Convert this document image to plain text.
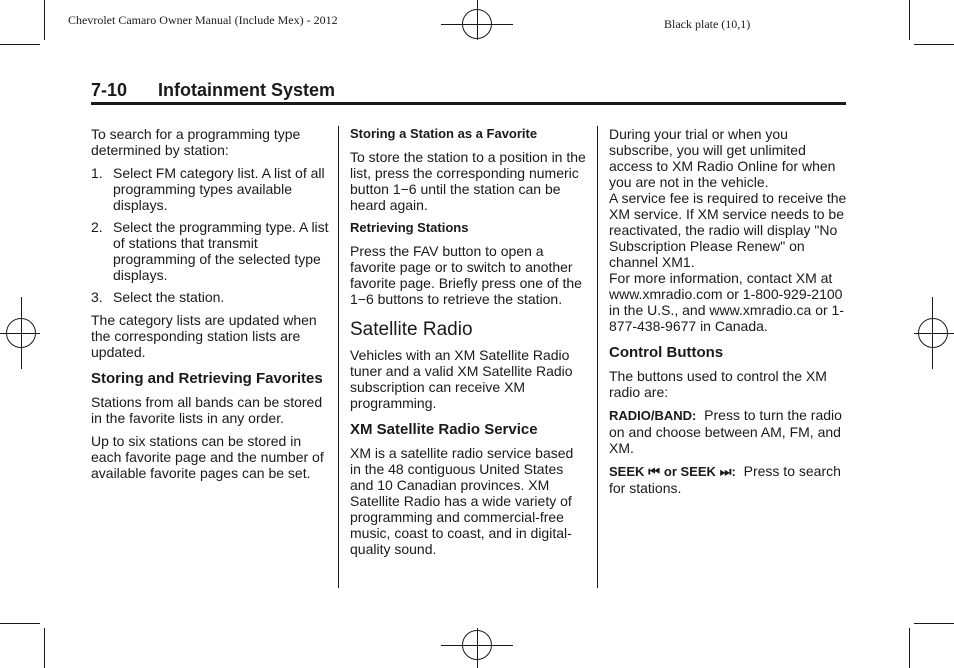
Chevrolet Camaro Owner Manual (Include Mex) - 2012	Black plate (10,1)
7-10 Infotainment System

To search for a programming type determined by station:

1. Select FM category list. A list of all programming types available displays.
2. Select the programming type. A list of stations that transmit programming of the selected type displays.
3. Select the station.

The category lists are updated when the corresponding station lists are updated.

Storing and Retrieving Favorites

Stations from all bands can be stored in the favorite lists in any order.

Up to six stations can be stored in each favorite page and the number of available favorite pages can be set.

Storing a Station as a Favorite

To store the station to a position in the list, press the corresponding numeric button 1−6 until the station can be heard again.

Retrieving Stations

Press the FAV button to open a favorite page or to switch to another favorite page. Briefly press one of the 1−6 buttons to retrieve the station.

Satellite Radio

Vehicles with an XM Satellite Radio tuner and a valid XM Satellite Radio subscription can receive XM programming.

XM Satellite Radio Service

XM is a satellite radio service based in the 48 contiguous United States and 10 Canadian provinces. XM Satellite Radio has a wide variety of programming and commercial-free music, coast to coast, and in digital-quality sound.

During your trial or when you subscribe, you will get unlimited access to XM Radio Online for when you are not in the vehicle.

A service fee is required to receive the XM service. If XM service needs to be reactivated, the radio will display "No Subscription Please Renew" on channel XM1.

For more information, contact XM at www.xmradio.com or 1-800-929-2100 in the U.S., and www.xmradio.ca or 1-877-438-9677 in Canada.

Control Buttons

The buttons used to control the XM radio are:

RADIO/BAND: Press to turn the radio on and choose between AM, FM, and XM.

SEEK ⏮ or SEEK ⏭: Press to search for stations.
